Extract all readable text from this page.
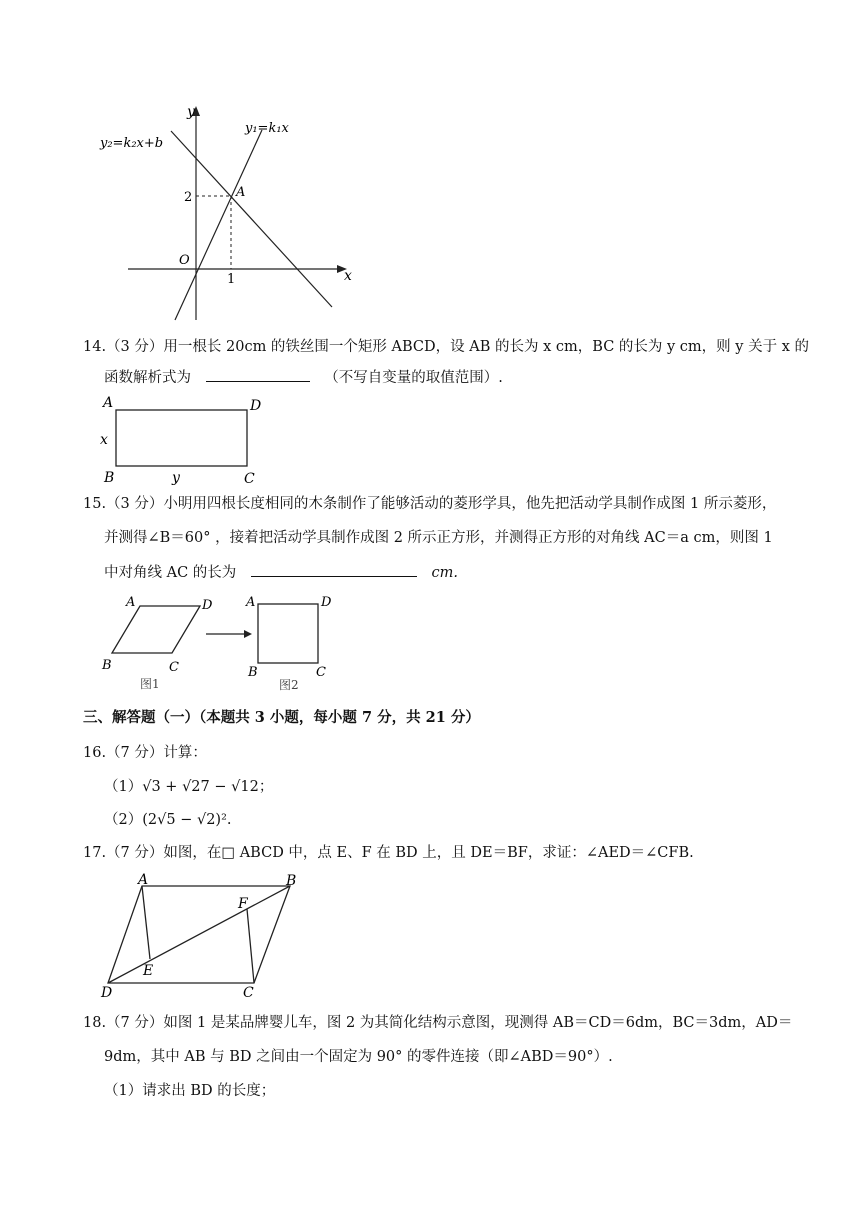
y
x
O
y₂=k₂x+b
y₁=k₁x
A
2
1
14.（3 分）用一根长 20cm 的铁丝围一个矩形 ABCD，设 AB 的长为 x cm，BC 的长为 y cm，则 y 关于 x 的
函数解析式为	（不写自变量的取值范围）.
A	D
B	C
x
y
15.（3 分）小明用四根长度相同的木条制作了能够活动的菱形学具，他先把活动学具制作成图 1 所示菱形，
并测得∠B＝60° ，接着把活动学具制作成图 2 所示正方形，并测得正方形的对角线 AC＝a cm，则图 1
中对角线 AC 的长为	cm.
A	D
B	C
图1
A	D
B	C
图2
三、解答题（一）（本题共 3 小题，每小题 7 分，共 21 分）
16.（7 分）计算：
（1）√3 + √27 − √12；
（2）(2√5 − √2)².
17.（7 分）如图，在□ ABCD 中，点 E、F 在 BD 上，且 DE＝BF，求证：∠AED＝∠CFB.
A	B
C
D
E
F
18.（7 分）如图 1 是某品牌婴儿车，图 2 为其简化结构示意图，现测得 AB＝CD＝6dm，BC＝3dm，AD＝
9dm，其中 AB 与 BD 之间由一个固定为 90° 的零件连接（即∠ABD＝90°）.
（1）请求出 BD 的长度；
